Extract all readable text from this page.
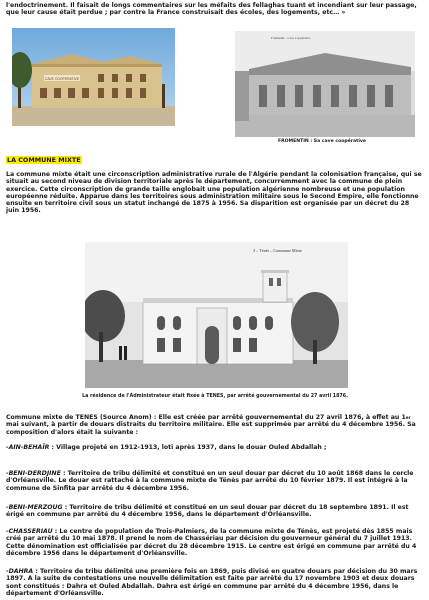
l'endoctrinement. Il faisait de longs commentaires sur les méfaits des fellaghas tuant et incendiant sur leur passage, que leur cause était perdue ; par contre la France construisait des écoles, des logements, etc… »

CAVE COOPERATIVE
Fromentin – Cave Coopérative
FROMENTIN : Sa cave coopérative
LA COMMUNE MIXTE

La commune mixte était une circonscription administrative rurale de l'Algérie pendant la colonisation française, qui se situait au second niveau de division territoriale après le département, concurremment avec la commune de plein exercice. Cette circonscription de grande taille englobait une population algérienne nombreuse et une population européenne réduite. Apparue dans les territoires sous administration militaire sous le Second Empire, elle fonctionne ensuite en territoire civil sous un statut inchangé de 1875 à 1956. Sa disparition est organisée par un décret du 28 juin 1956.

3 – Ténès – Commune Mixte
La résidence de l'Administrateur était fixée à TENES, par arrêté gouvernemental du 27 avril 1876.

Commune mixte de TENES (Source Anom) : Elle est créée par arrêté gouvernemental du 27 avril 1876, à effet au 1er mai suivant, à partir de douars distraits du territoire militaire. Elle est supprimée par arrêté du 4 décembre 1956. Sa composition d'alors était la suivante :

-AIN-BEHAÏR : Village projeté en 1912-1913, loti après 1937, dans le douar Ouled Abdallah ;

-BENI-DERDJINE : Territoire de tribu délimité et constitué en un seul douar par décret du 10 août 1868 dans le cercle d'Orléansville. Le douar est rattaché à la commune mixte de Ténès par arrêté du 10 février 1879. Il est intégré à la commune de Sinfita par arrêté du 4 décembre 1956.

-BENI-MERZOUG : Territoire de tribu délimité et constitué en un seul douar par décret du 18 septembre 1891. Il est érigé en commune par arrêté du 4 décembre 1956, dans le département d'Orléansville.

-CHASSERIAU : Le centre de population de Trois-Palmiers, de la commune mixte de Ténès, est projeté dès 1855 mais créé par arrêté du 10 mai 1878. Il prend le nom de Chassériau par décision du gouverneur général du 7 juillet 1913. Cette dénomination est officialisée par décret du 28 décembre 1915. Le centre est érigé en commune par arrêté du 4 décembre 1956 dans le département d'Orléansville.

-DAHRA : Territoire de tribu délimité une première fois en 1869, puis divisé en quatre douars par décision du 30 mars 1897. A la suite de contestations une nouvelle délimitation est faite par arrêté du 17 novembre 1903 et deux douars sont constitués : Dahra et Ouled Abdallah. Dahra est érigé en commune par arrêté du 4 décembre 1956, dans le département d'Orléansville.
